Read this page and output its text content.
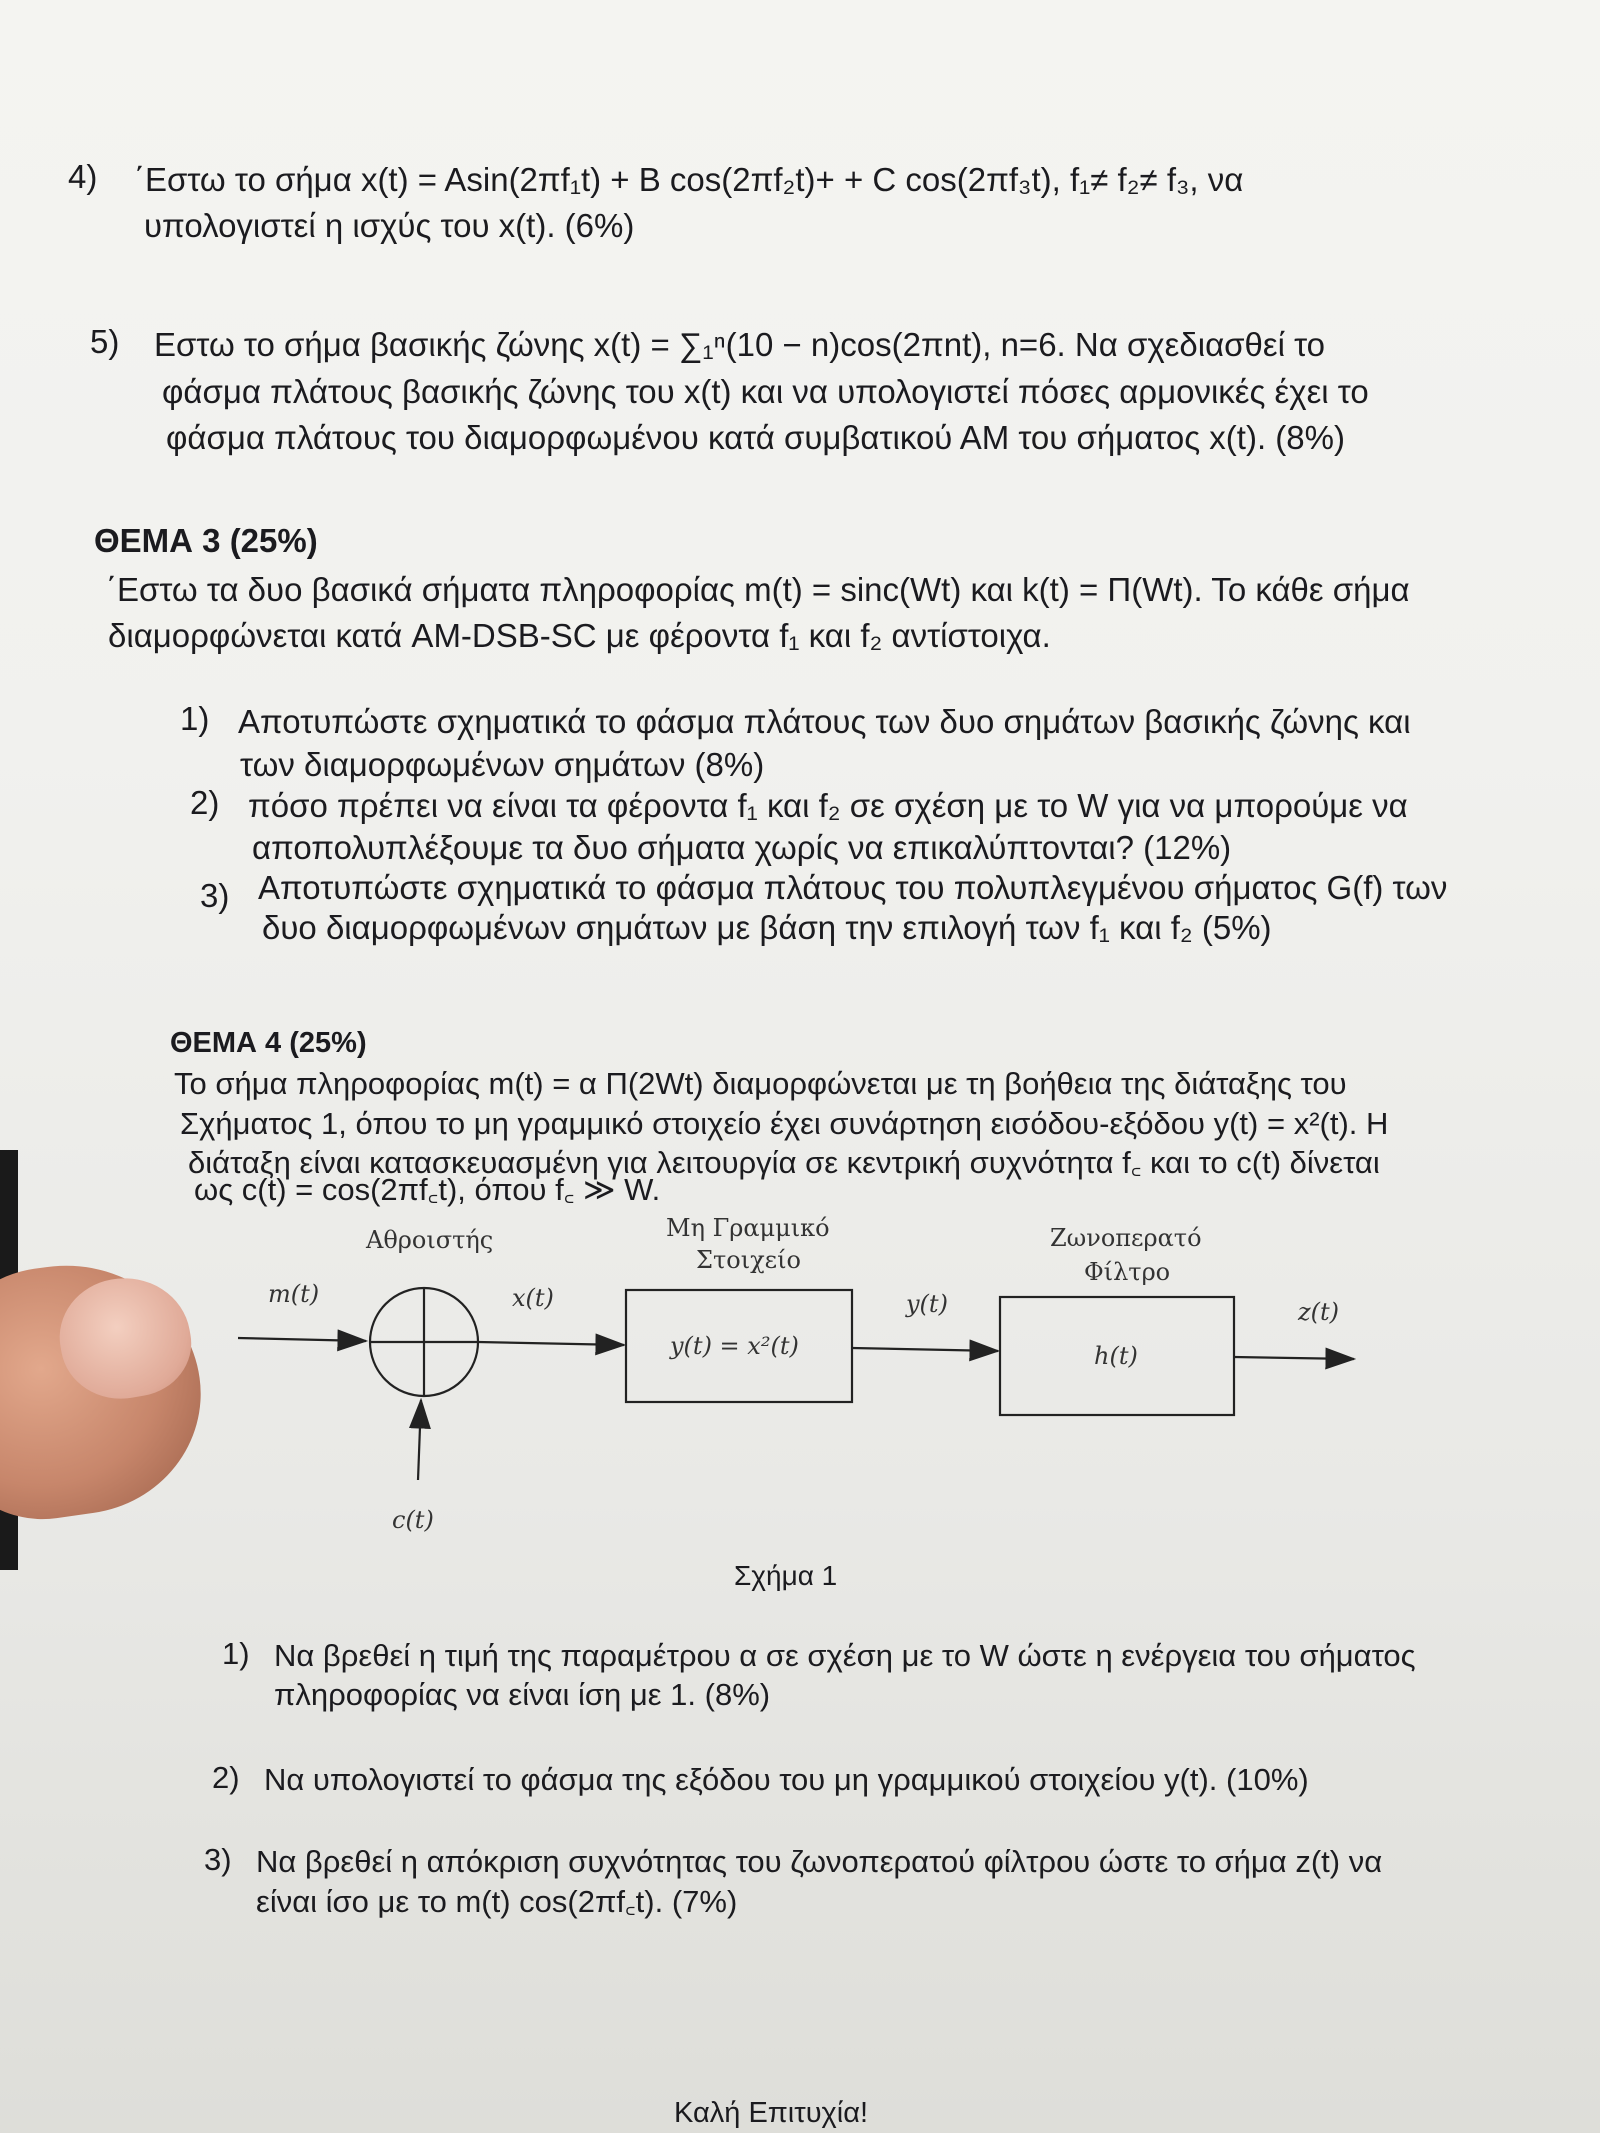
4) ΄Εστω το σήμα x(t) = Asin(2πf₁t) + B cos(2πf₂t)+ + C cos(2πf₃t), f₁≠ f₂≠ f₃, να
υπολογιστεί η ισχύς του x(t). (6%)
5) Εστω το σήμα βασικής ζώνης x(t) = ∑₁ⁿ(10 − n)cos(2πnt), n=6. Να σχεδιασθεί το
φάσμα πλάτους βασικής ζώνης του x(t) και να υπολογιστεί πόσες αρμονικές έχει το
φάσμα πλάτους του διαμορφωμένου κατά συμβατικού ΑΜ του σήματος x(t). (8%)
ΘΕΜΑ 3 (25%)
΄Εστω τα δυο βασικά σήματα πληροφορίας m(t) = sinc(Wt) και k(t) = Π(Wt). Το κάθε σήμα
διαμορφώνεται κατά AM-DSB-SC με φέροντα f₁ και f₂ αντίστοιχα.
1) Αποτυπώστε σχηματικά το φάσμα πλάτους των δυο σημάτων βασικής ζώνης και
των διαμορφωμένων σημάτων (8%)
2) πόσο πρέπει να είναι τα φέροντα f₁ και f₂ σε σχέση με το W για να μπορούμε να
αποπολυπλέξουμε τα δυο σήματα χωρίς να επικαλύπτονται? (12%)
3) Αποτυπώστε σχηματικά το φάσμα πλάτους του πολυπλεγμένου σήματος G(f) των
δυο διαμορφωμένων σημάτων με βάση την επιλογή των f₁ και f₂ (5%)
ΘΕΜΑ 4 (25%)
Το σήμα πληροφορίας m(t) = α Π(2Wt) διαμορφώνεται με τη βοήθεια της διάταξης του
Σχήματος 1, όπου το μη γραμμικό στοιχείο έχει συνάρτηση εισόδου-εξόδου y(t) = x²(t). Η
διάταξη είναι κατασκευασμένη για λειτουργία σε κεντρική συχνότητα f꜀ και το c(t) δίνεται
ως c(t) = cos(2πf꜀t), όπου f꜀ ≫ W.
Αθροιστής	Μη Γραμμικό
Στοιχείο
Ζωνοπερατό
Φίλτρο
m(t)	x(t)	y(t)	z(t)
c(t)
y(t) = x²(t)	h(t)
Σχήμα 1
1) Να βρεθεί η τιμή της παραμέτρου α σε σχέση με το W ώστε η ενέργεια του σήματος
πληροφορίας να είναι ίση με 1. (8%)
2) Να υπολογιστεί το φάσμα της εξόδου του μη γραμμικού στοιχείου y(t). (10%)
3) Να βρεθεί η απόκριση συχνότητας του ζωνοπερατού φίλτρου ώστε το σήμα z(t) να
είναι ίσο με το m(t) cos(2πf꜀t). (7%)
Καλή Επιτυχία!
